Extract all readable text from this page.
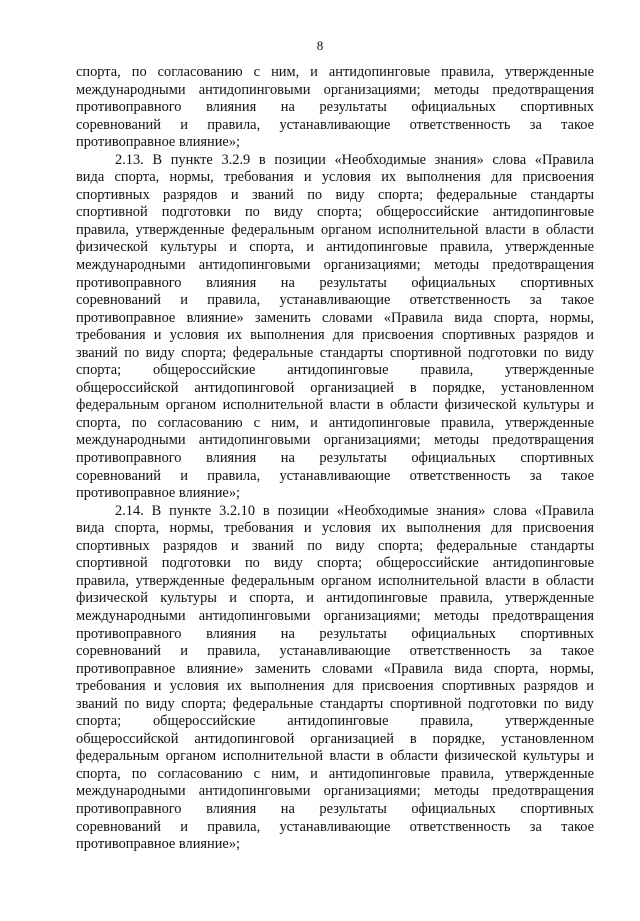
8
спорта, по согласованию с ним, и антидопинговые правила, утвержденные
международными антидопинговыми организациями; методы предотвращения
противоправного влияния на результаты официальных спортивных
соревнований и правила, устанавливающие ответственность за такое
противоправное влияние»;
2.13. В пункте 3.2.9 в позиции «Необходимые знания» слова «Правила
вида спорта, нормы, требования и условия их выполнения для присвоения
спортивных разрядов и званий по виду спорта; федеральные стандарты
спортивной подготовки по виду спорта; общероссийские антидопинговые
правила, утвержденные федеральным органом исполнительной власти в области
физической культуры и спорта, и антидопинговые правила, утвержденные
международными антидопинговыми организациями; методы предотвращения
противоправного влияния на результаты официальных спортивных
соревнований и правила, устанавливающие ответственность за такое
противоправное влияние» заменить словами «Правила вида спорта, нормы,
требования и условия их выполнения для присвоения спортивных разрядов и
званий по виду спорта; федеральные стандарты спортивной подготовки по виду
спорта; общероссийские антидопинговые правила, утвержденные
общероссийской антидопинговой организацией в порядке, установленном
федеральным органом исполнительной власти в области физической культуры и
спорта, по согласованию с ним, и антидопинговые правила, утвержденные
международными антидопинговыми организациями; методы предотвращения
противоправного влияния на результаты официальных спортивных
соревнований и правила, устанавливающие ответственность за такое
противоправное влияние»;
2.14. В пункте 3.2.10 в позиции «Необходимые знания» слова «Правила
вида спорта, нормы, требования и условия их выполнения для присвоения
спортивных разрядов и званий по виду спорта; федеральные стандарты
спортивной подготовки по виду спорта; общероссийские антидопинговые
правила, утвержденные федеральным органом исполнительной власти в области
физической культуры и спорта, и антидопинговые правила, утвержденные
международными антидопинговыми организациями; методы предотвращения
противоправного влияния на результаты официальных спортивных
соревнований и правила, устанавливающие ответственность за такое
противоправное влияние» заменить словами «Правила вида спорта, нормы,
требования и условия их выполнения для присвоения спортивных разрядов и
званий по виду спорта; федеральные стандарты спортивной подготовки по виду
спорта; общероссийские антидопинговые правила, утвержденные
общероссийской антидопинговой организацией в порядке, установленном
федеральным органом исполнительной власти в области физической культуры и
спорта, по согласованию с ним, и антидопинговые правила, утвержденные
международными антидопинговыми организациями; методы предотвращения
противоправного влияния на результаты официальных спортивных
соревнований и правила, устанавливающие ответственность за такое
противоправное влияние»;
